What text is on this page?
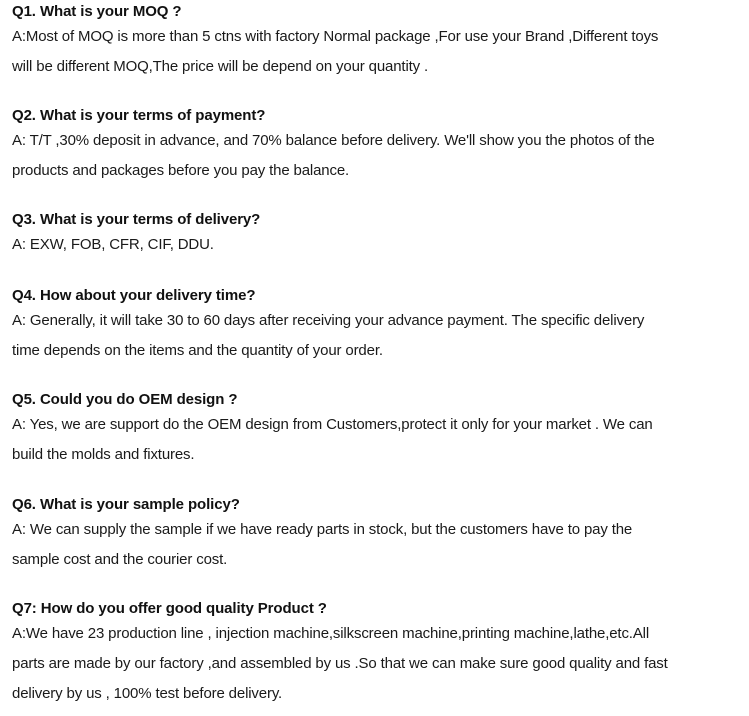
Q1. What is your MOQ ?
A:Most of MOQ is more than 5 ctns with factory Normal package ,For use your Brand ,Different toys
will be different MOQ,The price will be depend on your quantity .
Q2. What is your terms of payment?
A: T/T ,30% deposit in advance, and 70% balance before delivery. We'll show you the photos of the
products and packages before you pay the balance.
Q3. What is your terms of delivery?
A: EXW, FOB, CFR, CIF, DDU.
Q4. How about your delivery time?
A: Generally, it will take 30 to 60 days after receiving your advance payment. The specific delivery
time depends on the items and the quantity of your order.
Q5. Could you do OEM design ?
A: Yes, we are support do the OEM design from Customers,protect it only for your market . We can
build the molds and fixtures.
Q6. What is your sample policy?
A: We can supply the sample if we have ready parts in stock, but the customers have to pay the
sample cost and the courier cost.
Q7: How do you offer good quality Product ?
A:We have 23 production line , injection machine,silkscreen machine,printing machine,lathe,etc.All
parts are made by our factory ,and assembled by us .So that we can make sure good quality and fast
delivery by us , 100% test before delivery.
